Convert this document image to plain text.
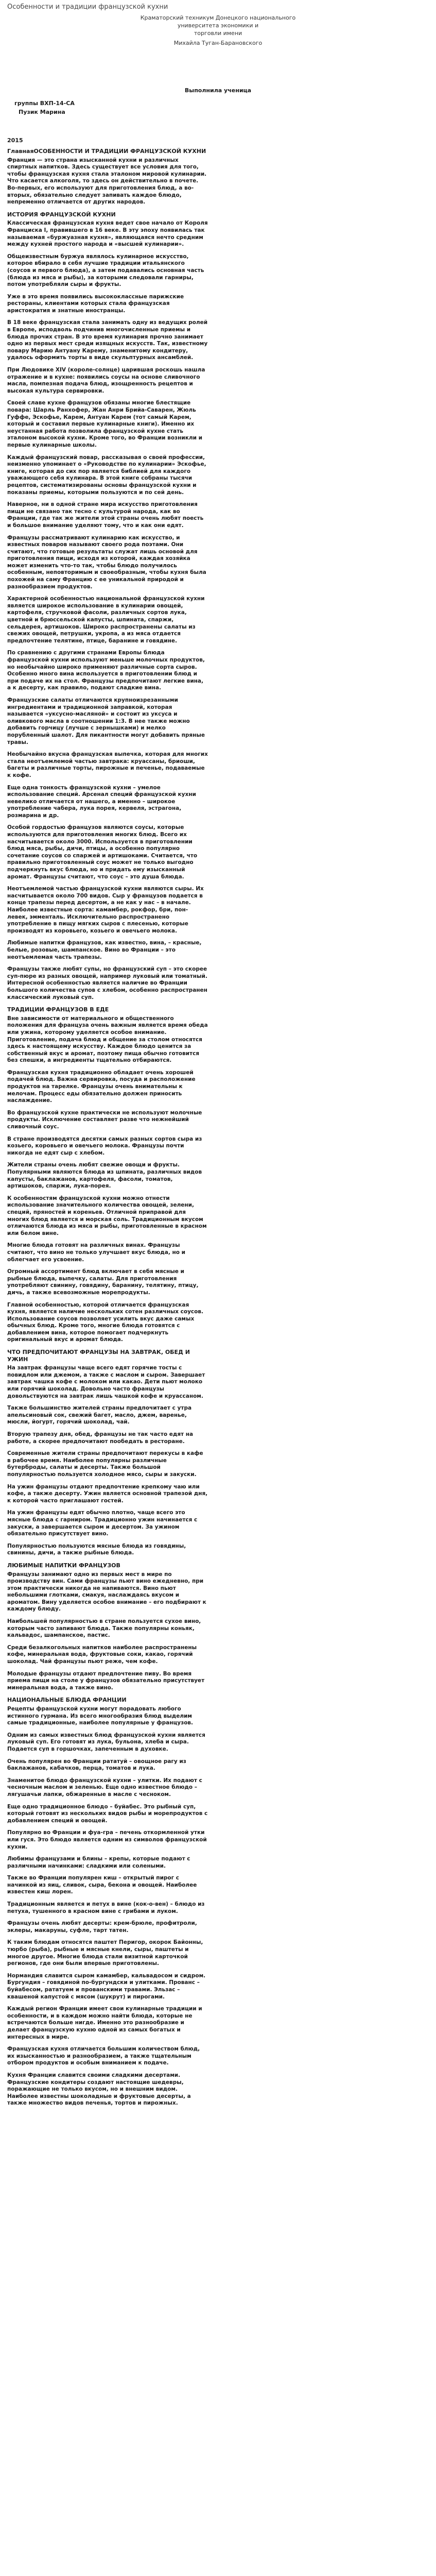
Особенности и традиции французской кухни
Краматорский техникум Донецкого национального университета экономики и
торговли имени
Михайла Туган-Барановского

Выполнила ученица

группы ВХП-14-СА

Пузик Марина

2015

ГлавнаяОСОБЕННОСТИ И ТРАДИЦИИ ФРАНЦУЗСКОЙ КУХНИ

Франция — это страна изысканной кухни и различных спиртных напитков. Здесь существует все условия для того, чтобы французская кухня стала эталоном мировой кулинарии. Что касается алкоголя, то здесь он действительно в почете. Во-первых, его используют для приготовления блюд, а во-вторых, обязательно следует запивать каждое блюдо, непременно отличается от других народов.

ИСТОРИЯ ФРАНЦУЗСКОЙ КУХНИ

Классическая французская кухня ведет свое начало от Короля Франциска I, правившего в 16 веке. В эту эпоху появилась так называемая «буржуазная кухня», являющаяся нечто средним между кухней простого народа и «высшей кулинарии».

Общеизвестным буржуа являлось кулинарное искусство, которое вбирало в себя лучшие традиции итальянского (соусов и первого блюда), а затем подавались основная часть (блюда из мяса и рыбы), за которыми следовали гарниры, потом употребляли сыры и фрукты.

Уже в это время появились высококлассные парижские рестораны, клиентами которых стала французская аристократия и знатные иностранцы.

В 18 веке французская стала занимать одну из ведущих ролей в Европе, исподволь подчинив многочисленные приемы и блюда прочих стран. В это время кулинария прочно занимает одно из первых мест среди изящных искусств. Так, известному повару Марию Антуану Карему, знаменитому кондитеру, удалось оформить торты в виде скульптурных ансамблей.

При Людовике XIV (короле-солнце) царившая роскошь нашла отражение и в кухне: появились соусы на основе сливочного масла, помпезная подача блюд, изощренность рецептов и высокая культура сервировки.

Своей славе кухне французов обязаны многие блестящие повара: Шарль Ранхофер, Жан Анри Брийа-Саварен, Жюль Гуффе, Эскофье, Карем, Антуан Карем (тот самый Карем, который и составил первые кулинарные книги). Именно их неустанная работа позволила французской кухне стать эталоном высокой кухни. Кроме того, во Франции возникли и первые кулинарные школы.

Каждый французский повар, рассказывая о своей профессии, неизменно упоминает о «Руководстве по кулинарии» Эскофье, книге, которая до сих пор является библией для каждого уважающего себя кулинара. В этой книге собраны тысячи рецептов, систематизированы основы французской кухни и показаны приемы, которыми пользуются и по сей день.

Наверное, ни в одной стране мира искусство приготовления пищи не связано так тесно с культурой народа, как во Франции, где так же жители этой страны очень любят поесть и большое внимание уделяют тому, что и как они едят.

Французы рассматривают кулинарию как искусство, и известных поваров называют своего рода поэтами. Они считают, что готовые результаты служат лишь основой для приготовления пищи, исходя из которой, каждая хозяйка может изменить что-то так, чтобы блюдо получилось особенным, неповторимым и своеобразным, чтобы кухня была похожей на саму Францию с ее уникальной природой и разнообразием продуктов.

Характерной особенностью национальной французской кухни является широкое использование в кулинарии овощей, картофеля, стручковой фасоли, различных сортов лука, цветной и брюссельской капусты, шпината, спаржи, сельдерея, артишоков. Широко распространены салаты из свежих овощей, петрушки, укропа, а из мяса отдается предпочтение телятине, птице, баранине и говядине.

По сравнению с другими странами Европы блюда французской кухни используют меньше молочных продуктов, но необычайно широко применяют различные сорта сыров. Особенно много вина используется в приготовлении блюд и при подаче их на стол. Французы предпочитают легкие вина, а к десерту, как правило, подают сладкие вина.

Французские салаты отличаются крупноизрезанными ингредиентами и традиционной заправкой, которая называется «уксусно-масляной» и состоит из уксуса и оливкового масла в соотношении 1:3. В нее также можно добавить горчицу (лучше с зернышками) и мелко порубленный шалот. Для пикантности могут добавить пряные травы.

Необычайно вкусна французская выпечка, которая для многих стала неотъемлемой частью завтрака: круассаны, бриоши, багеты и различные торты, пирожные и печенье, подаваемые к кофе.

Еще одна тонкость французской кухни – умелое использование специй. Арсенал специй французской кухни невелико отличается от нашего, а именно – широкое употребление чабера, лука порея, кервеля, эстрагона, розмарина и др.

Особой гордостью французов являются соусы, которые используются для приготовления многих блюд. Всего их насчитывается около 3000. Используется в приготовлении блюд мяса, рыбы, дичи, птицы, а особенно популярно сочетание соусов со спаржей и артишоками. Считается, что правильно приготовленный соус может не только выгодно подчеркнуть вкус блюда, но и придать ему изысканный аромат. Французы считают, что соус – это душа блюда.

Неотъемлемой частью французской кухни являются сыры. Их насчитывается около 700 видов. Сыр у французов подается в конце трапезы перед десертом, а не как у нас – в начале. Наиболее известные сорта: камамбер, рокфор, бри, пон-левек, эмменталь. Исключительно распространено употребление в пищу мягких сыров с плесенью, которые производят из коровьего, козьего и овечьего молока.

Любимые напитки французов, как известно, вина, – красные, белые, розовые, шампанское. Вино во Франции – это неотъемлемая часть трапезы.

Французы также любят супы, но французский суп – это скорее суп-пюре из разных овощей, например луковый или томатный. Интересной особенностью является наличие во Франции большого количества супов с хлебом, особенно распространен классический луковый суп.

ТРАДИЦИИ ФРАНЦУЗОВ В ЕДЕ

Вне зависимости от материального и общественного положения для француза очень важным является время обеда или ужина, которому уделяется особое внимание. Приготовление, подача блюд и общение за столом относятся здесь к настоящему искусству. Каждое блюдо ценится за собственный вкус и аромат, поэтому пища обычно готовится без спешки, а ингредиенты тщательно отбираются.

Французская кухня традиционно обладает очень хорошей подачей блюд. Важна сервировка, посуда и расположение продуктов на тарелке. Французы очень внимательны к мелочам. Процесс еды обязательно должен приносить наслаждение.

Во французской кухне практически не используют молочные продукты. Исключение составляет разве что нежнейший сливочный соус.

В стране производятся десятки самых разных сортов сыра из козьего, коровьего и овечьего молока. Французы почти никогда не едят сыр с хлебом.

Жители страны очень любят свежие овощи и фрукты. Популярными являются блюда из шпината, различных видов капусты, баклажанов, картофеля, фасоли, томатов, артишоков, спаржи, лука-порея.

К особенностям французской кухни можно отнести использование значительного количества овощей, зелени, специй, пряностей и кореньев. Отличной приправой для многих блюд является и морская соль. Традиционным вкусом отличаются блюда из мяса и рыбы, приготовленные в красном или белом вине.

Многие блюда готовят на различных винах. Французы считают, что вино не только улучшает вкус блюда, но и облегчает его усвоение.

Огромный ассортимент блюд включает в себя мясные и рыбные блюда, выпечку, салаты. Для приготовления употребляют свинину, говядину, баранину, телятину, птицу, дичь, а также всевозможные морепродукты.

Главной особенностью, которой отличается французская кухня, является наличие нескольких сотен различных соусов. Использование соусов позволяет усилить вкус даже самых обычных блюд. Кроме того, многие блюда готовятся с добавлением вина, которое помогает подчеркнуть оригинальный вкус и аромат блюда.

ЧТО ПРЕДПОЧИТАЮТ ФРАНЦУЗЫ НА ЗАВТРАК, ОБЕД И УЖИН

На завтрак французы чаще всего едят горячие тосты с повидлом или джемом, а также с маслом и сыром. Завершает завтрак чашка кофе с молоком или какао. Дети пьют молоко или горячий шоколад. Довольно часто французы довольствуются на завтрак лишь чашкой кофе и круассаном.

Также большинство жителей страны предпочитает с утра апельсиновый сок, свежий багет, масло, джем, варенье, мюсли, йогурт, горячий шоколад, чай.

Вторую трапезу дня, обед, французы не так часто едят на работе, а скорее предпочитают пообедать в ресторане.

Современные жители страны предпочитают перекусы в кафе в рабочее время. Наиболее популярны различные бутерброды, салаты и десерты. Также большой популярностью пользуется холодное мясо, сыры и закуски.

На ужин французы отдают предпочтение крепкому чаю или кофе, а также десерту. Ужин является основной трапезой дня, к которой часто приглашают гостей.

На ужин французы едят обычно плотно, чаще всего это мясные блюда с гарниром. Традиционно ужин начинается с закуски, а завершается сыром и десертом. За ужином обязательно присутствует вино.

Популярностью пользуются мясные блюда из говядины, свинины, дичи, а также рыбные блюда.

ЛЮБИМЫЕ НАПИТКИ ФРАНЦУЗОВ

Французы занимают одно из первых мест в мире по производству вин. Сами французы пьют вино ежедневно, при этом практически никогда не напиваются. Вино пьют небольшими глотками, смакуя, наслаждаясь вкусом и ароматом. Вину уделяется особое внимание – его подбирают к каждому блюду.

Наибольшей популярностью в стране пользуется сухое вино, которым часто запивают блюда. Также популярны коньяк, кальвадос, шампанское, пастис.

Среди безалкогольных напитков наиболее распространены кофе, минеральная вода, фруктовые соки, какао, горячий шоколад. Чай французы пьют реже, чем кофе.

Молодые французы отдают предпочтение пиву. Во время приема пищи на столе у французов обязательно присутствует минеральная вода, а также вино.

НАЦИОНАЛЬНЫЕ БЛЮДА ФРАНЦИИ

Рецепты французской кухни могут порадовать любого истинного гурмана. Из всего многообразия блюд выделим самые традиционные, наиболее популярные у французов.

Одним из самых известных блюд французской кухни является луковый суп. Его готовят из лука, бульона, хлеба и сыра. Подается суп в горшочках, запеченным в духовке.

Очень популярен во Франции рататуй – овощное рагу из баклажанов, кабачков, перца, томатов и лука.

Знаменитое блюдо французской кухни – улитки. Их подают с чесночным маслом и зеленью. Еще одно известное блюдо – лягушачьи лапки, обжаренные в масле с чесноком.

Еще одно традиционное блюдо – буйабес. Это рыбный суп, который готовят из нескольких видов рыбы и морепродуктов с добавлением специй и овощей.

Популярно во Франции и фуа-гра – печень откормленной утки или гуся. Это блюдо является одним из символов французской кухни.

Любимы французами и блины – крепы, которые подают с различными начинками: сладкими или солеными.

Также во Франции популярен киш – открытый пирог с начинкой из яиц, сливок, сыра, бекона и овощей. Наиболее известен киш лорен.

Традиционным является и петух в вине (кок-о-вен) – блюдо из петуха, тушенного в красном вине с грибами и луком.

Французы очень любят десерты: крем-брюле, профитроли, эклеры, макаруны, суфле, тарт татен.

К таким блюдам относятся паштет Перигор, окорок Байонны, тюрбо (рыба), рыбные и мясные кнели, сыры, паштеты и многое другое. Многие блюда стали визитной карточкой регионов, где они были впервые приготовлены.

Нормандия славится сыром камамбер, кальвадосом и сидром. Бургундия – говядиной по-бургундски и улитками. Прованс – буйабесом, рататуем и прованскими травами. Эльзас – квашеной капустой с мясом (шукрут) и пирогами.

Каждый регион Франции имеет свои кулинарные традиции и особенности, и в каждом можно найти блюда, которые не встречаются больше нигде. Именно это разнообразие и делает французскую кухню одной из самых богатых и интересных в мире.

Французская кухня отличается большим количеством блюд, их изысканностью и разнообразием, а также тщательным отбором продуктов и особым вниманием к подаче.

Кухня Франции славится своими сладкими десертами. Французские кондитеры создают настоящие шедевры, поражающие не только вкусом, но и внешним видом. Наиболее известны шоколадные и фруктовые десерты, а также множество видов печенья, тортов и пирожных.
